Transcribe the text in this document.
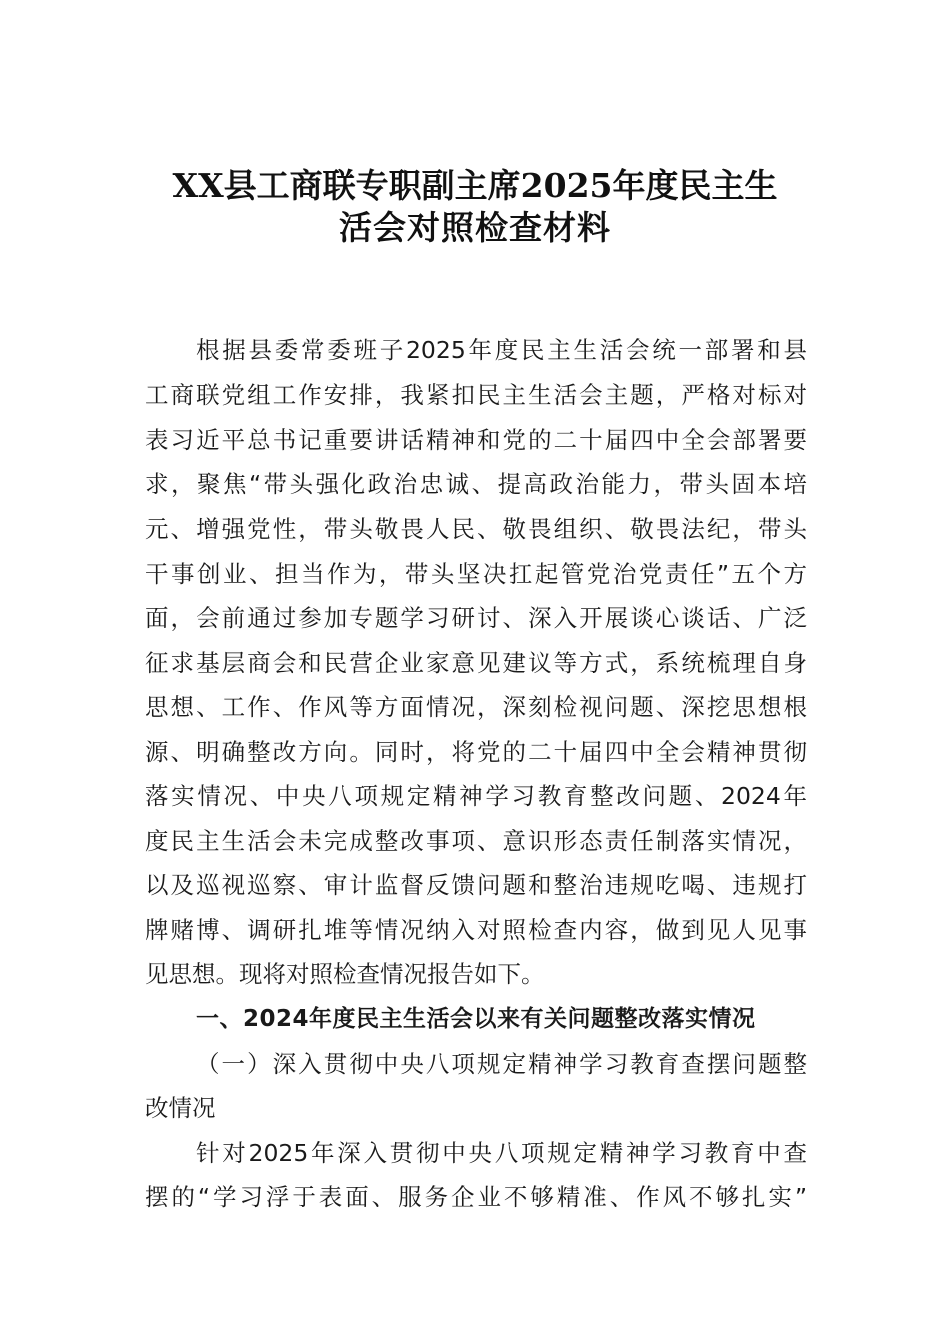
XX县工商联专职副主席2025年度民主生
活会对照检查材料
根据县委常委班子2025年度民主生活会统一部署和县
工商联党组工作安排，我紧扣民主生活会主题，严格对标对
表习近平总书记重要讲话精神和党的二十届四中全会部署要
求，聚焦“带头强化政治忠诚、提高政治能力，带头固本培
元、增强党性，带头敬畏人民、敬畏组织、敬畏法纪，带头
干事创业、担当作为，带头坚决扛起管党治党责任”五个方
面，会前通过参加专题学习研讨、深入开展谈心谈话、广泛
征求基层商会和民营企业家意见建议等方式，系统梳理自身
思想、工作、作风等方面情况，深刻检视问题、深挖思想根
源、明确整改方向。同时，将党的二十届四中全会精神贯彻
落实情况、中央八项规定精神学习教育整改问题、2024年
度民主生活会未完成整改事项、意识形态责任制落实情况，
以及巡视巡察、审计监督反馈问题和整治违规吃喝、违规打
牌赌博、调研扎堆等情况纳入对照检查内容，做到见人见事
见思想。现将对照检查情况报告如下。
一、2024年度民主生活会以来有关问题整改落实情况
（一）深入贯彻中央八项规定精神学习教育查摆问题整
改情况
针对2025年深入贯彻中央八项规定精神学习教育中查
摆的“学习浮于表面、服务企业不够精准、作风不够扎实”
